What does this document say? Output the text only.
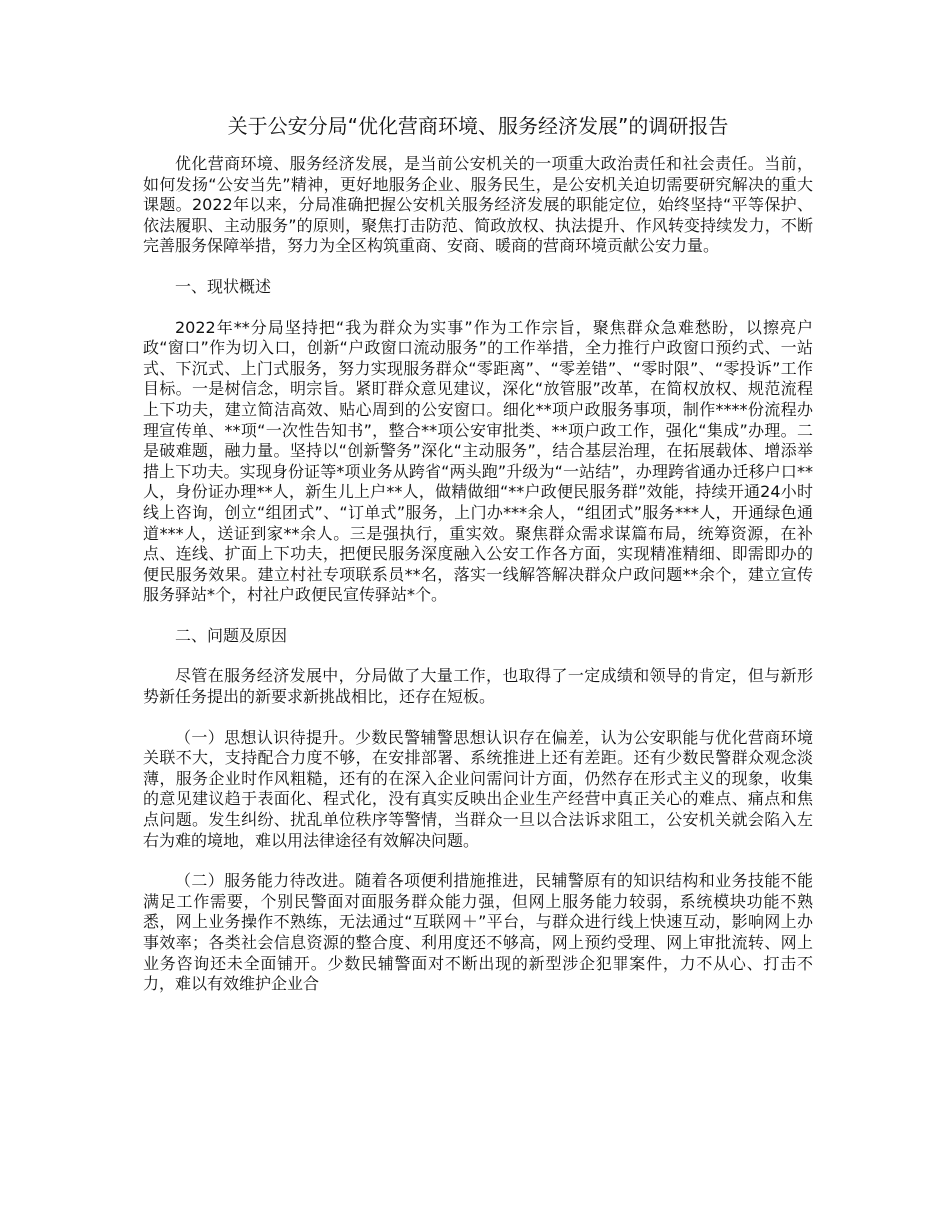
关于公安分局“优化营商环境、服务经济发展”的调研报告

优化营商环境、服务经济发展，是当前公安机关的一项重大政治责任和社会责任。当前，如何发扬“公安当先”精神，更好地服务企业、服务民生，是公安机关迫切需要研究解决的重大课题。2022年以来，分局准确把握公安机关服务经济发展的职能定位，始终坚持“平等保护、依法履职、主动服务”的原则，聚焦打击防范、简政放权、执法提升、作风转变持续发力，不断完善服务保障举措，努力为全区构筑重商、安商、暖商的营商环境贡献公安力量。

一、现状概述

2022年**分局坚持把“我为群众为实事”作为工作宗旨，聚焦群众急难愁盼，以擦亮户政“窗口”作为切入口，创新“户政窗口流动服务”的工作举措，全力推行户政窗口预约式、一站式、下沉式、上门式服务，努力实现服务群众“零距离”、“零差错”、“零时限”、“零投诉”工作目标。一是树信念，明宗旨。紧盯群众意见建议，深化“放管服”改革，在简权放权、规范流程上下功夫，建立简洁高效、贴心周到的公安窗口。细化**项户政服务事项，制作****份流程办理宣传单、**项“一次性告知书”，整合**项公安审批类、**项户政工作，强化“集成”办理。二是破难题，融力量。坚持以“创新警务”深化“主动服务”，结合基层治理，在拓展载体、增添举措上下功夫。实现身份证等*项业务从跨省“两头跑”升级为“一站结”，办理跨省通办迁移户口**人，身份证办理**人，新生儿上户**人，做精做细“**户政便民服务群”效能，持续开通24小时线上咨询，创立“组团式”、“订单式”服务，上门办***余人，“组团式”服务***人，开通绿色通道***人，送证到家**余人。三是强执行，重实效。聚焦群众需求谋篇布局，统筹资源，在补点、连线、扩面上下功夫，把便民服务深度融入公安工作各方面，实现精准精细、即需即办的便民服务效果。建立村社专项联系员**名，落实一线解答解决群众户政问题**余个，建立宣传服务驿站*个，村社户政便民宣传驿站*个。

二、问题及原因

尽管在服务经济发展中，分局做了大量工作，也取得了一定成绩和领导的肯定，但与新形势新任务提出的新要求新挑战相比，还存在短板。

（一）思想认识待提升。少数民警辅警思想认识存在偏差，认为公安职能与优化营商环境关联不大，支持配合力度不够，在安排部署、系统推进上还有差距。还有少数民警群众观念淡薄，服务企业时作风粗糙，还有的在深入企业问需问计方面，仍然存在形式主义的现象，收集的意见建议趋于表面化、程式化，没有真实反映出企业生产经营中真正关心的难点、痛点和焦点问题。发生纠纷、扰乱单位秩序等警情，当群众一旦以合法诉求阻工，公安机关就会陷入左右为难的境地，难以用法律途径有效解决问题。

（二）服务能力待改进。随着各项便利措施推进，民辅警原有的知识结构和业务技能不能满足工作需要，个别民警面对面服务群众能力强，但网上服务能力较弱，系统模块功能不熟悉，网上业务操作不熟练，无法通过“互联网＋”平台，与群众进行线上快速互动，影响网上办事效率；各类社会信息资源的整合度、利用度还不够高，网上预约受理、网上审批流转、网上业务咨询还未全面铺开。少数民辅警面对不断出现的新型涉企犯罪案件，力不从心、打击不力，难以有效维护企业合
